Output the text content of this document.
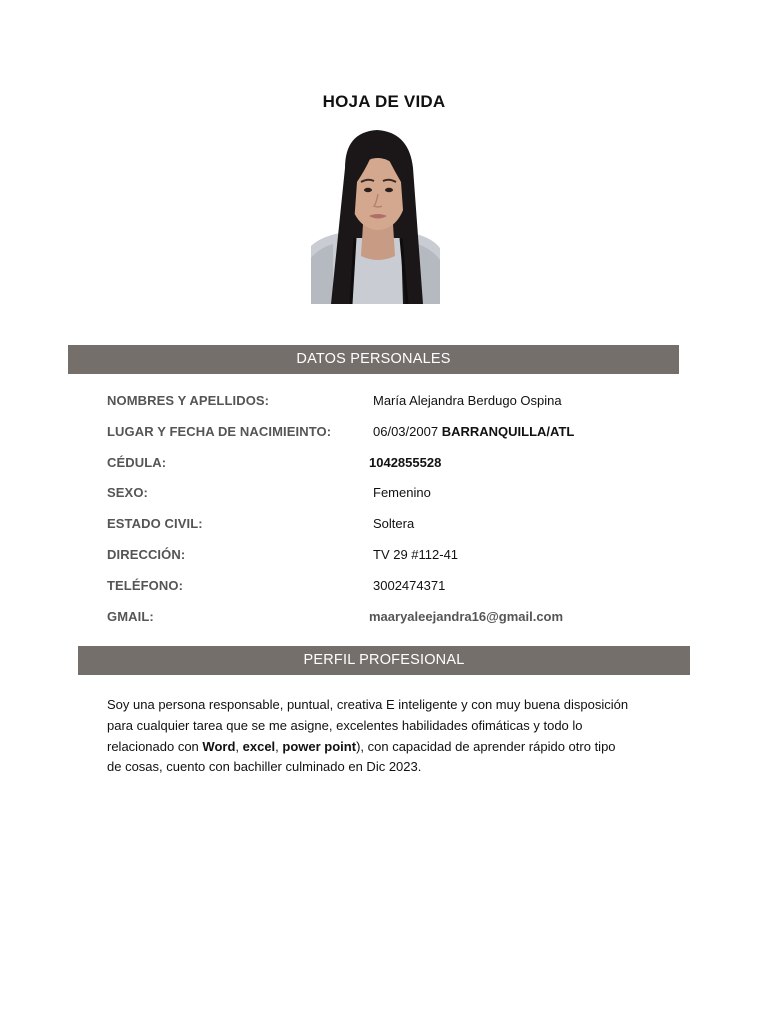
HOJA DE VIDA
DATOS PERSONALES
NOMBRES Y APELLIDOS:	María Alejandra Berdugo Ospina
LUGAR Y FECHA DE NACIMIEINTO:	06/03/2007 BARRANQUILLA/ATL
CÉDULA:	1042855528
SEXO:	Femenino
ESTADO CIVIL:	Soltera
DIRECCIÓN:	TV 29 #112-41
TELÉFONO:	3002474371
GMAIL:	maaryaleejandra16@gmail.com
PERFIL PROFESIONAL

Soy una persona responsable, puntual, creativa E inteligente y con muy buena disposición

para cualquier tarea que se me asigne, excelentes habilidades ofimáticas y todo lo

relacionado con Word, excel, power point), con capacidad de aprender rápido otro tipo

de cosas, cuento con bachiller culminado en Dic 2023.
